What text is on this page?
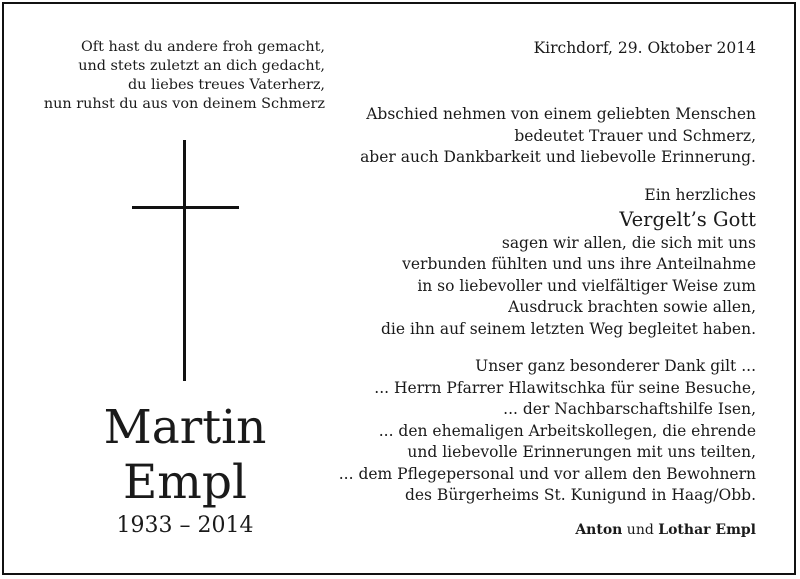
Oft hast du andere froh gemacht,
und stets zuletzt an dich gedacht,
du liebes treues Vaterherz,
nun ruhst du aus von deinem Schmerz
Martin
Empl
1933 – 2014
Kirchdorf, 29. Oktober 2014
Abschied nehmen von einem geliebten Menschen
bedeutet Trauer und Schmerz,
aber auch Dankbarkeit und liebevolle Erinnerung.
Ein herzliches
Vergelt’s Gott
sagen wir allen, die sich mit uns
verbunden fühlten und uns ihre Anteilnahme
in so liebevoller und vielfältiger Weise zum
Ausdruck brachten sowie allen,
die ihn auf seinem letzten Weg begleitet haben.
Unser ganz besonderer Dank gilt ...
... Herrn Pfarrer Hlawitschka für seine Besuche,
... der Nachbarschaftshilfe Isen,
... den ehemaligen Arbeitskollegen, die ehrende
und liebevolle Erinnerungen mit uns teilten,
... dem Pflegepersonal und vor allem den Bewohnern
des Bürgerheims St. Kunigund in Haag/Obb.
Anton und Lothar Empl
